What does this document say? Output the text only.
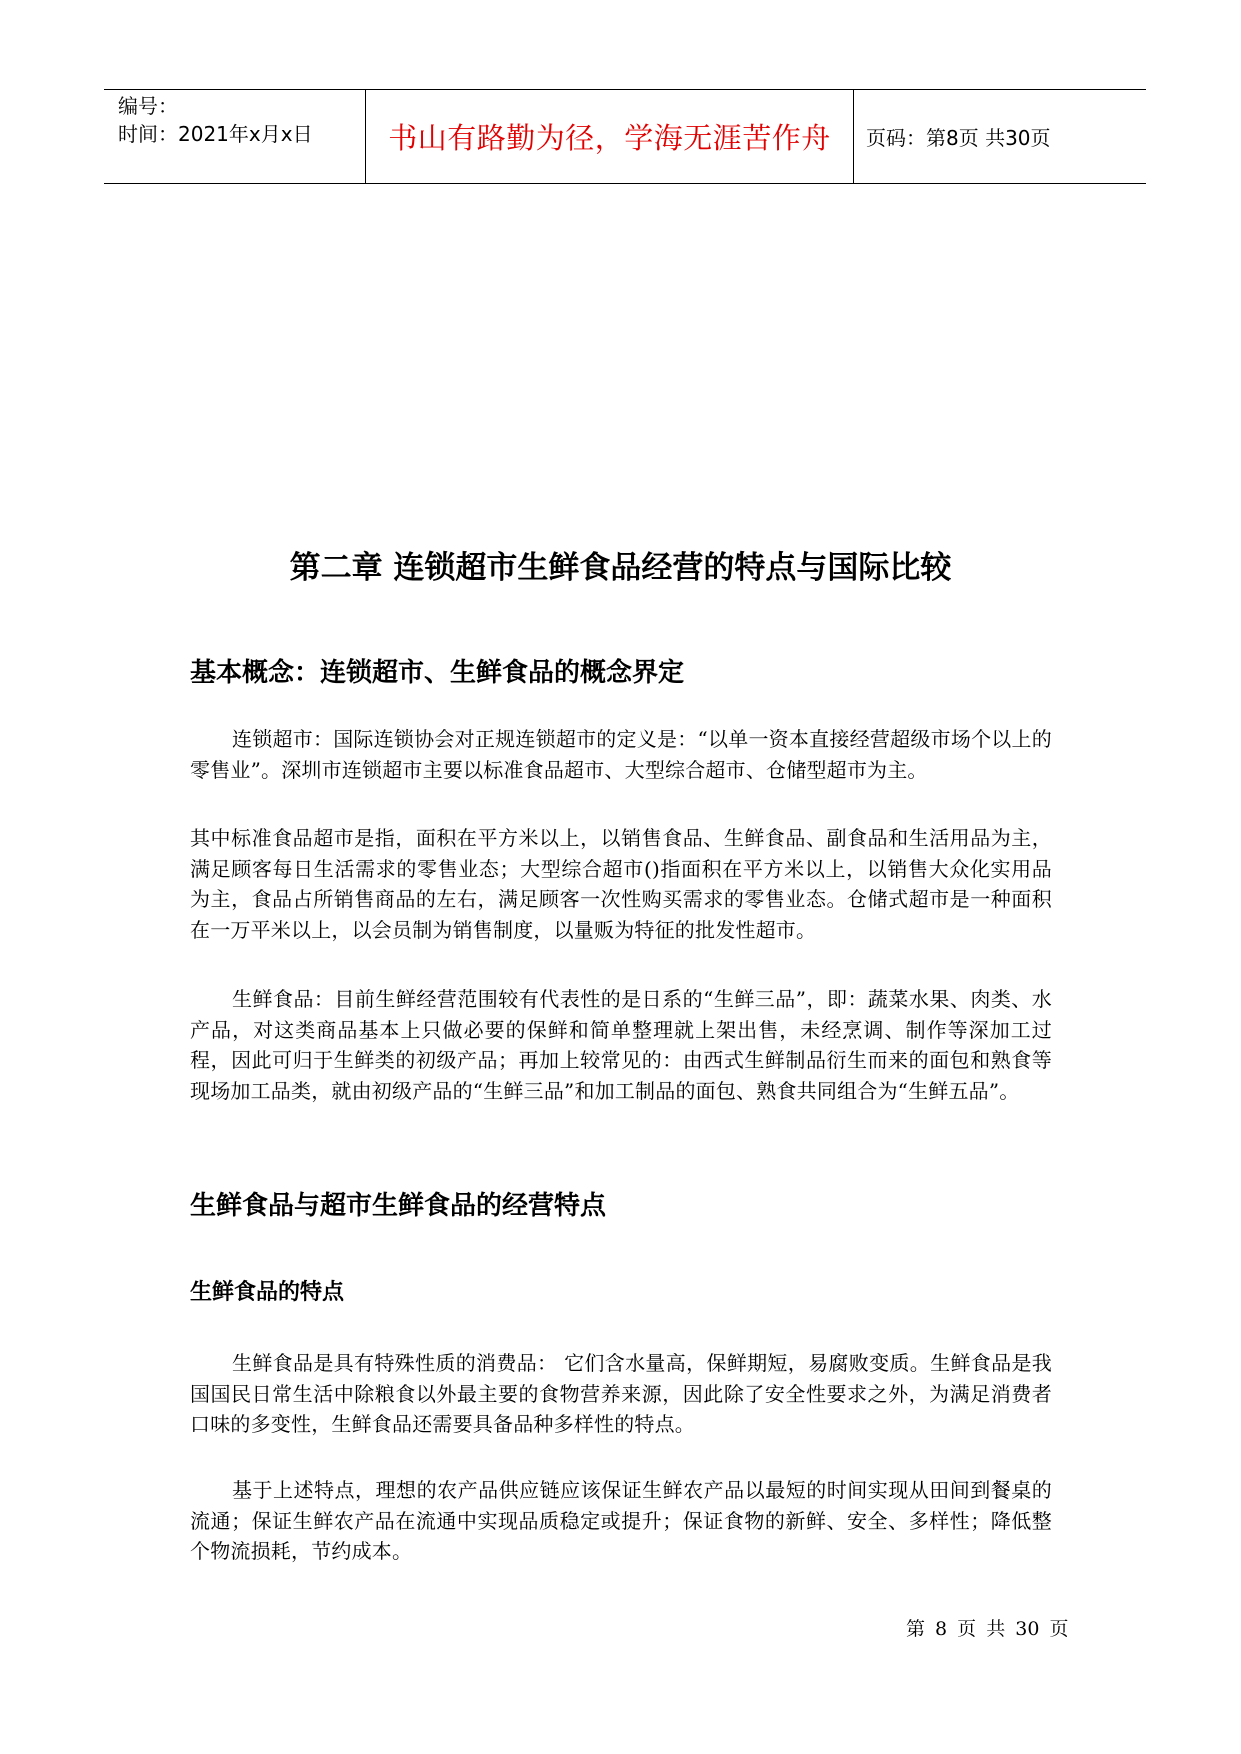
编号：
时间：2021年x月x日	书山有路勤为径，学海无涯苦作舟	页码：第8页 共30页
第二章 连锁超市生鲜食品经营的特点与国际比较
基本概念：连锁超市、生鲜食品的概念界定
连锁超市：国际连锁协会对正规连锁超市的定义是：“以单一资本直接经营超级市场个以上的零售业”。深圳市连锁超市主要以标准食品超市、大型综合超市、仓储型超市为主。
其中标准食品超市是指，面积在平方米以上，以销售食品、生鲜食品、副食品和生活用品为主，满足顾客每日生活需求的零售业态；大型综合超市()指面积在平方米以上，以销售大众化实用品为主，食品占所销售商品的左右，满足顾客一次性购买需求的零售业态。仓储式超市是一种面积在一万平米以上，以会员制为销售制度，以量贩为特征的批发性超市。
生鲜食品：目前生鲜经营范围较有代表性的是日系的“生鲜三品”，即：蔬菜水果、肉类、水产品，对这类商品基本上只做必要的保鲜和简单整理就上架出售，未经烹调、制作等深加工过程，因此可归于生鲜类的初级产品；再加上较常见的：由西式生鲜制品衍生而来的面包和熟食等现场加工品类，就由初级产品的“生鲜三品”和加工制品的面包、熟食共同组合为“生鲜五品”。
生鲜食品与超市生鲜食品的经营特点
生鲜食品的特点
生鲜食品是具有特殊性质的消费品： 它们含水量高，保鲜期短，易腐败变质。生鲜食品是我国国民日常生活中除粮食以外最主要的食物营养来源，因此除了安全性要求之外，为满足消费者口味的多变性，生鲜食品还需要具备品种多样性的特点。
基于上述特点，理想的农产品供应链应该保证生鲜农产品以最短的时间实现从田间到餐桌的流通；保证生鲜农产品在流通中实现品质稳定或提升；保证食物的新鲜、安全、多样性；降低整个物流损耗，节约成本。
第 8 页 共 30 页
